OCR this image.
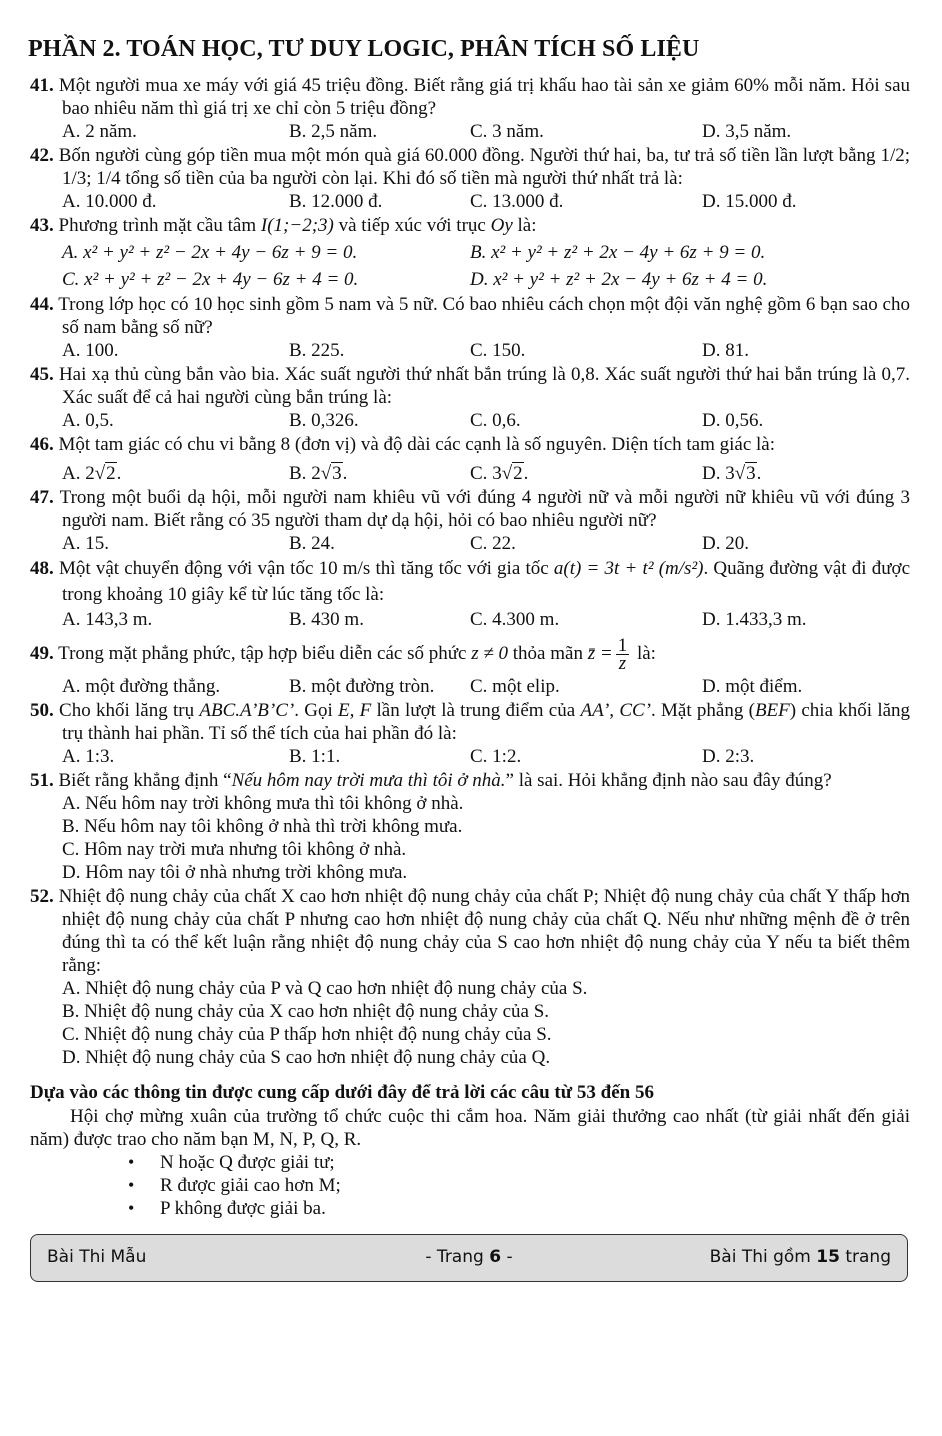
PHẦN 2. TOÁN HỌC, TƯ DUY LOGIC, PHÂN TÍCH SỐ LIỆU
41. Một người mua xe máy với giá 45 triệu đồng. Biết rằng giá trị khấu hao tài sản xe giảm 60% mỗi năm. Hỏi sau bao nhiêu năm thì giá trị xe chỉ còn 5 triệu đồng?
A. 2 năm.	B. 2,5 năm.	C. 3 năm.	D. 3,5 năm.
42. Bốn người cùng góp tiền mua một món quà giá 60.000 đồng. Người thứ hai, ba, tư trả số tiền lần lượt bằng 1/2; 1/3; 1/4 tổng số tiền của ba người còn lại. Khi đó số tiền mà người thứ nhất trả là:
A. 10.000 đ.	B. 12.000 đ.	C. 13.000 đ.	D. 15.000 đ.
43. Phương trình mặt cầu tâm I(1;−2;3) và tiếp xúc với trục Oy là:
A. x² + y² + z² − 2x + 4y − 6z + 9 = 0.	B. x² + y² + z² + 2x − 4y + 6z + 9 = 0.
C. x² + y² + z² − 2x + 4y − 6z + 4 = 0.	D. x² + y² + z² + 2x − 4y + 6z + 4 = 0.
44. Trong lớp học có 10 học sinh gồm 5 nam và 5 nữ. Có bao nhiêu cách chọn một đội văn nghệ gồm 6 bạn sao cho số nam bằng số nữ?
A. 100.	B. 225.	C. 150.	D. 81.
45. Hai xạ thủ cùng bắn vào bia. Xác suất người thứ nhất bắn trúng là 0,8. Xác suất người thứ hai bắn trúng là 0,7. Xác suất để cả hai người cùng bắn trúng là:
A. 0,5.	B. 0,326.	C. 0,6.	D. 0,56.
46. Một tam giác có chu vi bằng 8 (đơn vị) và độ dài các cạnh là số nguyên. Diện tích tam giác là:
A. 2√2.	B. 2√3.	C. 3√2.	D. 3√3.
47. Trong một buổi dạ hội, mỗi người nam khiêu vũ với đúng 4 người nữ và mỗi người nữ khiêu vũ với đúng 3 người nam. Biết rằng có 35 người tham dự dạ hội, hỏi có bao nhiêu người nữ?
A. 15.	B. 24.	C. 22.	D. 20.
48. Một vật chuyển động với vận tốc 10 m/s thì tăng tốc với gia tốc a(t) = 3t + t² (m/s²). Quãng đường vật đi được trong khoảng 10 giây kể từ lúc tăng tốc là:
A. 143,3 m.	B. 430 m.	C. 4.300 m.	D. 1.433,3 m.
49. Trong mặt phẳng phức, tập hợp biểu diễn các số phức z ≠ 0 thỏa mãn z̄ = $\frac{1}{z}$ là:
A. một đường thẳng.	B. một đường tròn.	C. một elip.	D. một điểm.
50. Cho khối lăng trụ ABC.A’B’C’. Gọi E, F lần lượt là trung điểm của AA’, CC’. Mặt phẳng (BEF) chia khối lăng trụ thành hai phần. Tỉ số thể tích của hai phần đó là:
A. 1:3.	B. 1:1.	C. 1:2.	D. 2:3.
51. Biết rằng khẳng định “Nếu hôm nay trời mưa thì tôi ở nhà.” là sai. Hỏi khẳng định nào sau đây đúng?
A. Nếu hôm nay trời không mưa thì tôi không ở nhà.
B. Nếu hôm nay tôi không ở nhà thì trời không mưa.
C. Hôm nay trời mưa nhưng tôi không ở nhà.
D. Hôm nay tôi ở nhà nhưng trời không mưa.
52. Nhiệt độ nung chảy của chất X cao hơn nhiệt độ nung chảy của chất P; Nhiệt độ nung chảy của chất Y thấp hơn nhiệt độ nung chảy của chất P nhưng cao hơn nhiệt độ nung chảy của chất Q. Nếu như những mệnh đề ở trên đúng thì ta có thể kết luận rằng nhiệt độ nung chảy của S cao hơn nhiệt độ nung chảy của Y nếu ta biết thêm rằng:
A. Nhiệt độ nung chảy của P và Q cao hơn nhiệt độ nung chảy của S.
B. Nhiệt độ nung chảy của X cao hơn nhiệt độ nung chảy của S.
C. Nhiệt độ nung chảy của P thấp hơn nhiệt độ nung chảy của S.
D. Nhiệt độ nung chảy của S cao hơn nhiệt độ nung chảy của Q.
Dựa vào các thông tin được cung cấp dưới đây để trả lời các câu từ 53 đến 56
Hội chợ mừng xuân của trường tổ chức cuộc thi cắm hoa. Năm giải thưởng cao nhất (từ giải nhất đến giải năm) được trao cho năm bạn M, N, P, Q, R.
• N hoặc Q được giải tư;
• R được giải cao hơn M;
• P không được giải ba.
Bài Thi Mẫu	- Trang 6 -	Bài Thi gồm 15 trang
